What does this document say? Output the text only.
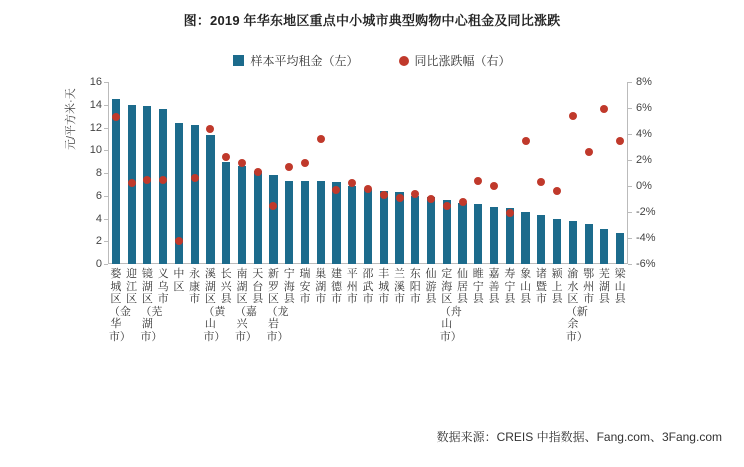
图：2019 年华东地区重点中小城市典型购物中心租金及同比涨跌
样本平均租金（左）	同比涨跌幅（右）
元/平方米·天
0
2
4
6
8
10
12
14
16
-6%
-4%
-2%
0%
2%
4%
6%
8%
婺城区（金华市）
迎江区
镜湖区（芜湖市）
义乌市
中区
永康市
溪湖区（黄山市）
长兴县
南湖区（嘉兴市）
天台县
新罗区（龙岩市）
宁海县
瑞安市
巢湖市
建德市
平州市
邵武市
丰城市
兰溪市
东阳市
仙游县
定海区（舟山市）
仙居县
睢宁县
嘉善县
寿宁县
象山县
诸暨市
颍上县
渝水区（新余市）
鄂州市
芜湖县
梁山县
数据来源：CREIS 中指数据、Fang.com、3Fang.com
